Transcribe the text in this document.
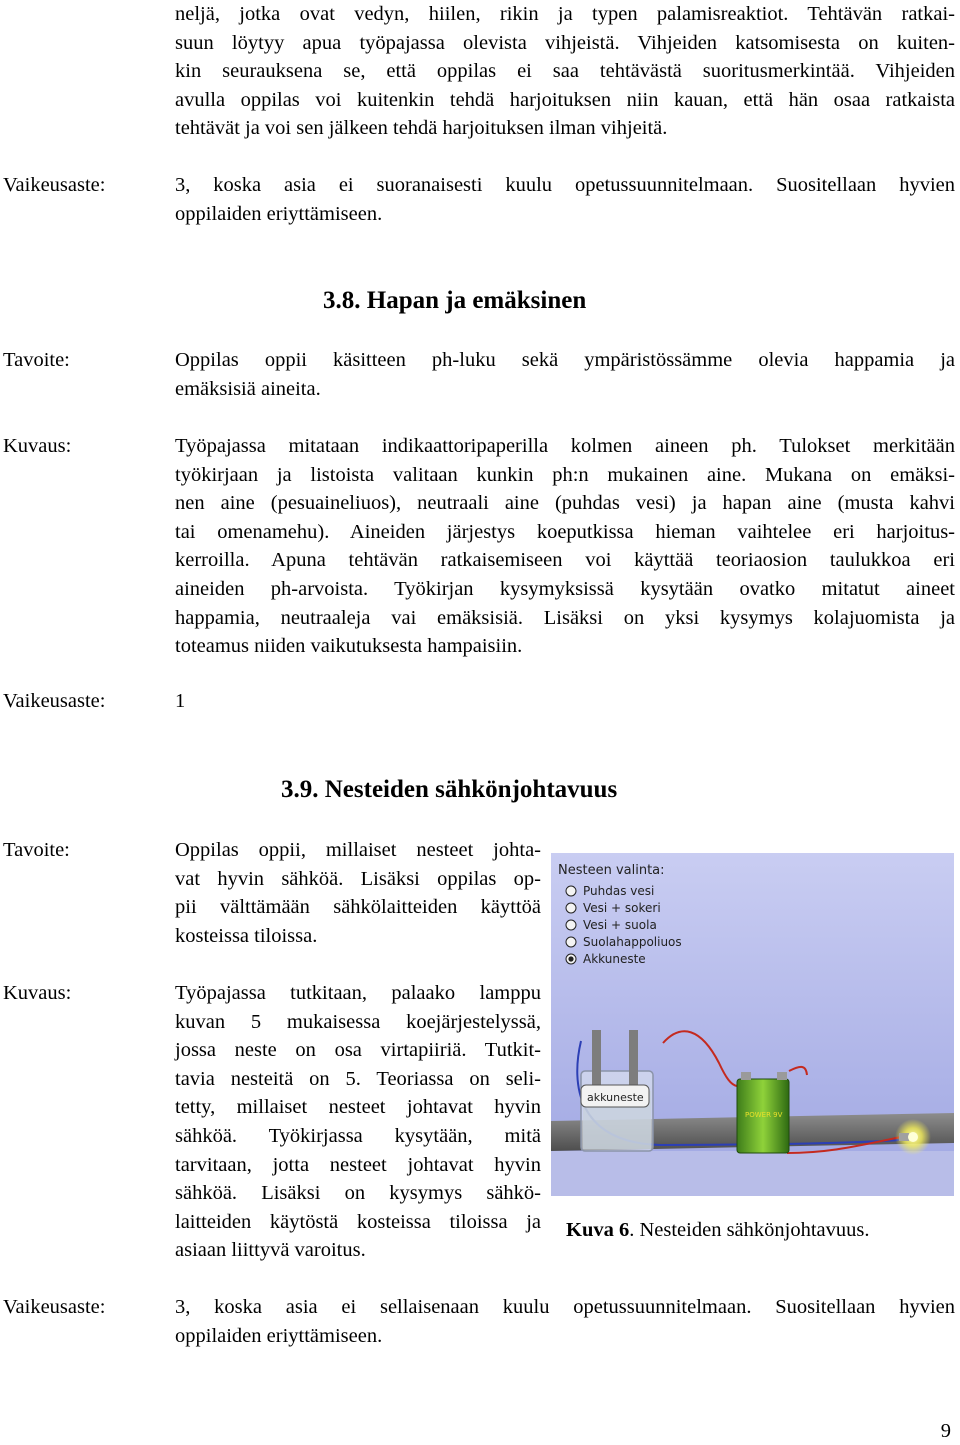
neljä, jotka ovat vedyn, hiilen, rikin ja typen palamisreaktiot. Tehtävän ratkai-
suun löytyy apua työpajassa olevista vihjeistä. Vihjeiden katsomisesta on kuiten-
kin seurauksena se, että oppilas ei saa tehtävästä suoritusmerkintää. Vihjeiden
avulla oppilas voi kuitenkin tehdä harjoituksen niin kauan, että hän osaa ratkaista
tehtävät ja voi sen jälkeen tehdä harjoituksen ilman vihjeitä.
Vaikeusaste:	3, koska asia ei suoranaisesti kuulu opetussuunnitelmaan. Suositellaan hyvien
oppilaiden eriyttämiseen.
3.8. Hapan ja emäksinen
Tavoite:	Oppilas oppii käsitteen ph-luku sekä ympäristössämme olevia happamia ja
emäksisiä aineita.
Kuvaus:	Työpajassa mitataan indikaattoripaperilla kolmen aineen ph. Tulokset merkitään
työkirjaan ja listoista valitaan kunkin ph:n mukainen aine. Mukana on emäksi-
nen aine (pesuaineliuos), neutraali aine (puhdas vesi) ja hapan aine (musta kahvi
tai omenamehu). Aineiden järjestys koeputkissa hieman vaihtelee eri harjoitus-
kerroilla. Apuna tehtävän ratkaisemiseen voi käyttää teoriaosion taulukkoa eri
aineiden ph-arvoista. Työkirjan kysymyksissä kysytään ovatko mitatut aineet
happamia, neutraaleja vai emäksisiä. Lisäksi on yksi kysymys kolajuomista ja
toteamus niiden vaikutuksesta hampaisiin.
Vaikeusaste:	1
3.9. Nesteiden sähkönjohtavuus
Tavoite:	Oppilas oppii, millaiset nesteet johta-
vat hyvin sähköä. Lisäksi oppilas op-
pii välttämään sähkölaitteiden käyttöä
kosteissa tiloissa.
Kuvaus:	Työpajassa tutkitaan, palaako lamppu
kuvan 5 mukaisessa koejärjestelyssä,
jossa neste on osa virtapiiriä. Tutkit-
tavia nesteitä on 5. Teoriassa on seli-
tetty, millaiset nesteet johtavat hyvin
sähköä. Työkirjassa kysytään, mitä
tarvitaan, jotta nesteet johtavat hyvin
sähköä. Lisäksi on kysymys sähkö-
laitteiden käytöstä kosteissa tiloissa ja
asiaan liittyvä varoitus.
Nesteen valinta:
Puhdas vesi
Vesi + sokeri
Vesi + suola
Suolahappoliuos
Akkuneste
akkuneste
POWER 9V
Kuva 6. Nesteiden sähkönjohtavuus.
Vaikeusaste:	3, koska asia ei sellaisenaan kuulu opetussuunnitelmaan. Suositellaan hyvien
oppilaiden eriyttämiseen.
9
